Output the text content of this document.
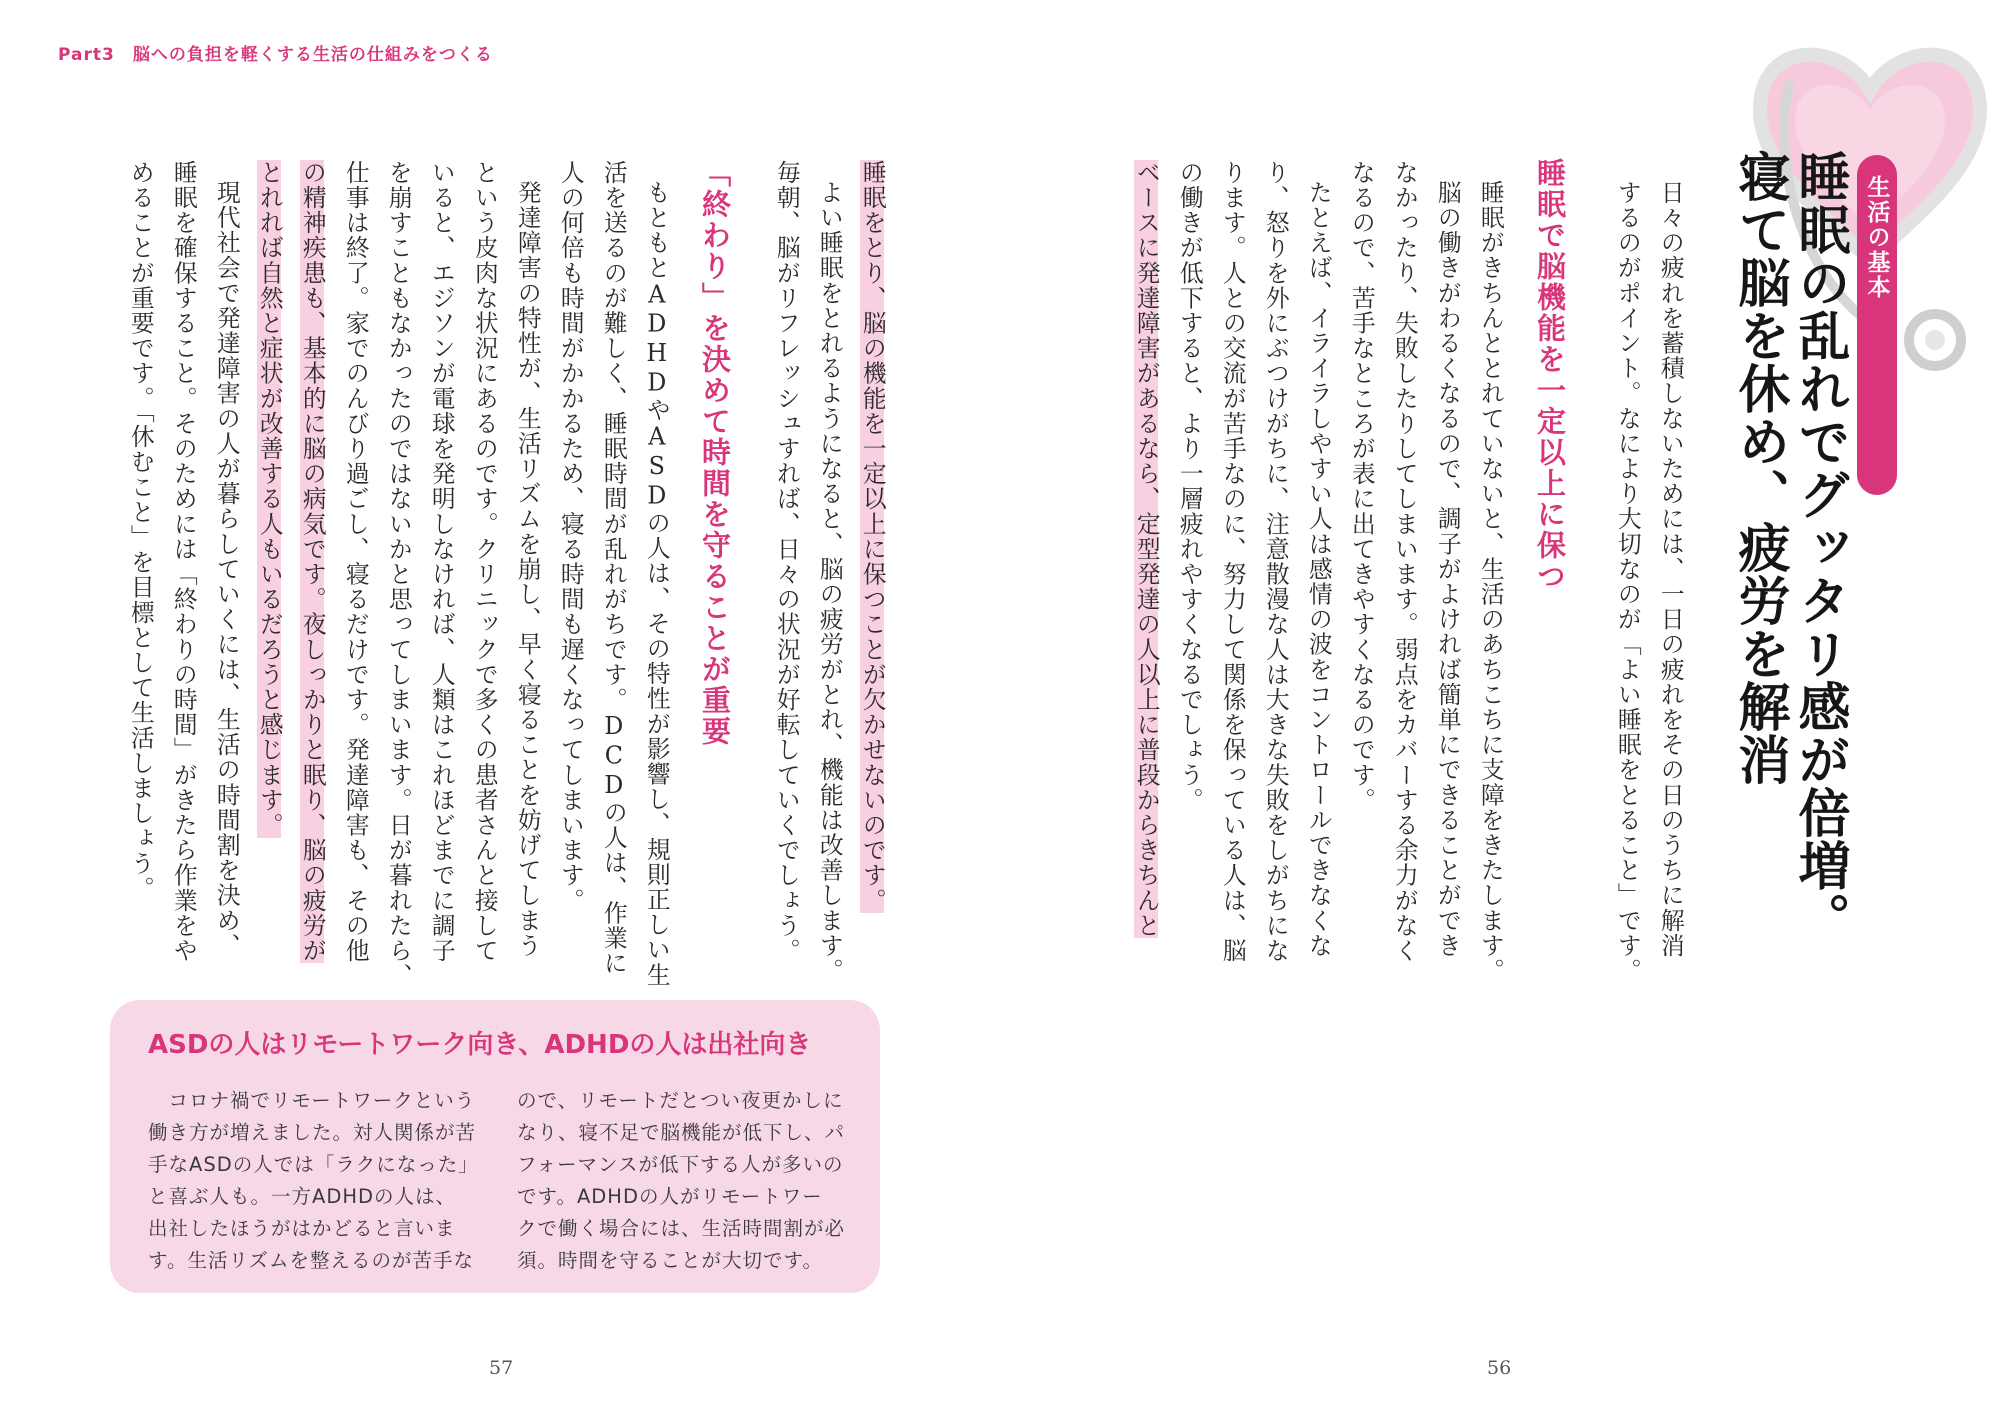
Part3　脳への負担を軽くする生活の仕組みをつくる
生活の基本
睡眠の乱れでグッタリ感が倍増。
寝て脳を休め、疲労を解消
日々の疲れを蓄積しないためには、一日の疲れをその日のうちに解消
するのがポイント。なにより大切なのが「よい睡眠をとること」です。
睡眠で脳機能を一定以上に保つ
睡眠がきちんととれていないと、生活のあちこちに支障をきたします。
脳の働きがわるくなるので、調子がよければ簡単にできることができ
なかったり、失敗したりしてしまいます。弱点をカバーする余力がなく
なるので、苦手なところが表に出てきやすくなるのです。
たとえば、イライラしやすい人は感情の波をコントロールできなくな
り、怒りを外にぶつけがちに、注意散漫な人は大きな失敗をしがちにな
ります。人との交流が苦手なのに、努力して関係を保っている人は、脳
の働きが低下すると、より一層疲れやすくなるでしょう。
ベースに発達障害があるなら、定型発達の人以上に普段からきちんと
睡眠をとり、脳の機能を一定以上に保つことが欠かせないのです。
よい睡眠をとれるようになると、脳の疲労がとれ、機能は改善します。
毎朝、脳がリフレッシュすれば、日々の状況が好転していくでしょう。
「終わり」を決めて時間を守ることが重要
もともとADHDやASDの人は、その特性が影響し、規則正しい生
活を送るのが難しく、睡眠時間が乱れがちです。DCDの人は、作業に
人の何倍も時間がかかるため、寝る時間も遅くなってしまいます。
発達障害の特性が、生活リズムを崩し、早く寝ることを妨げてしまう
という皮肉な状況にあるのです。クリニックで多くの患者さんと接して
いると、エジソンが電球を発明しなければ、人類はこれほどまでに調子
を崩すこともなかったのではないかと思ってしまいます。日が暮れたら、
仕事は終了。家でのんびり過ごし、寝るだけです。発達障害も、その他
の精神疾患も、基本的に脳の病気です。夜しっかりと眠り、脳の疲労が
とれれば自然と症状が改善する人もいるだろうと感じます。
現代社会で発達障害の人が暮らしていくには、生活の時間割を決め、
睡眠を確保すること。そのためには「終わりの時間」がきたら作業をや
めることが重要です。「休むこと」を目標として生活しましょう。
ASDの人はリモートワーク向き、ADHDの人は出社向き
　コロナ禍でリモートワークという
働き方が増えました。対人関係が苦
手なASDの人では「ラクになった」
と喜ぶ人も。一方ADHDの人は、
出社したほうがはかどると言いま
す。生活リズムを整えるのが苦手な
ので、リモートだとつい夜更かしに
なり、寝不足で脳機能が低下し、パ
フォーマンスが低下する人が多いの
です。ADHDの人がリモートワー
クで働く場合には、生活時間割が必
須。時間を守ることが大切です。
57	56
